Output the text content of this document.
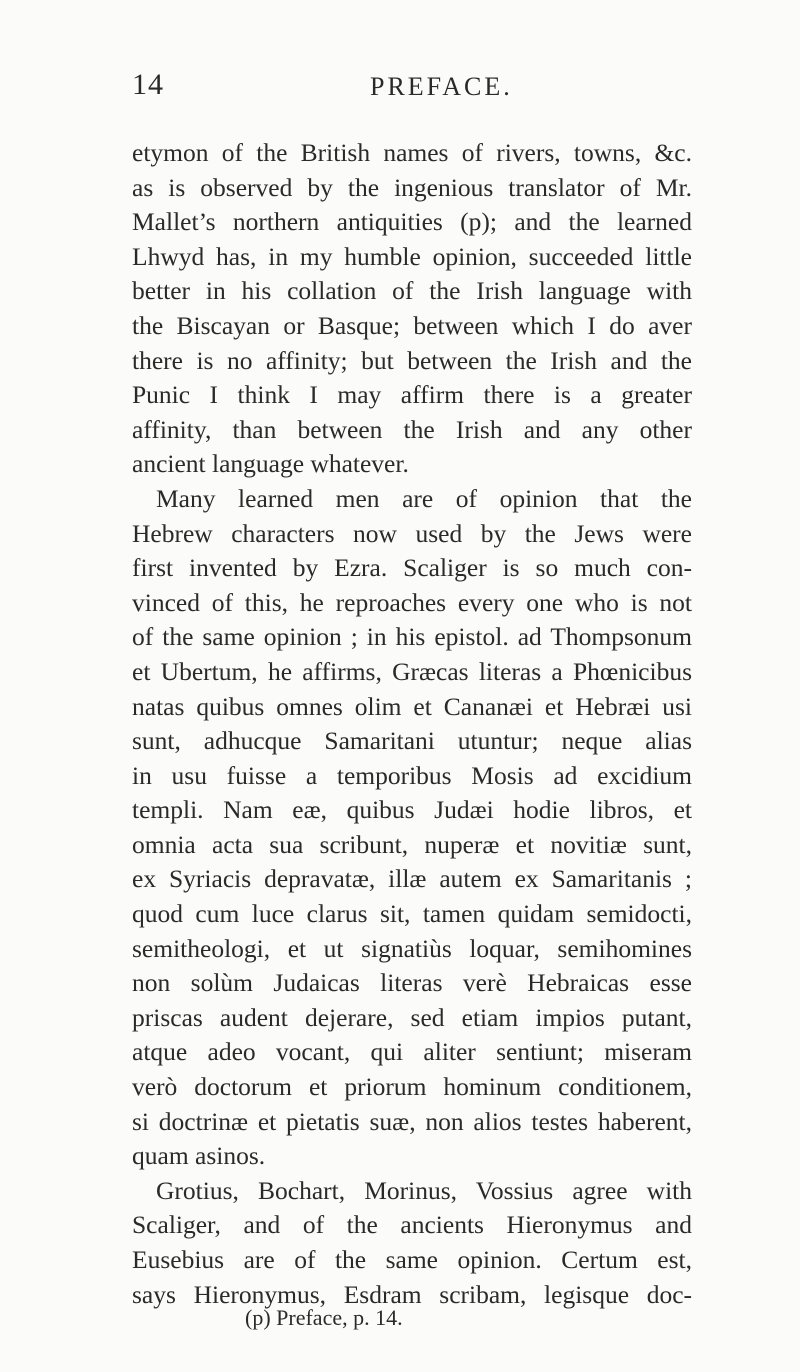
14	PREFACE.
etymon of the British names of rivers, towns, &c.
as is observed by the ingenious translator of Mr.
Mallet’s northern antiquities (p); and the learned
Lhwyd has, in my humble opinion, succeeded little
better in his collation of the Irish language with
the Biscayan or Basque; between which I do aver
there is no affinity; but between the Irish and the
Punic I think I may affirm there is a greater
affinity, than between the Irish and any other
ancient language whatever.
Many learned men are of opinion that the
Hebrew characters now used by the Jews were
first invented by Ezra. Scaliger is so much con-
vinced of this, he reproaches every one who is not
of the same opinion ; in his epistol. ad Thompsonum
et Ubertum, he affirms, Græcas literas a Phœnicibus
natas quibus omnes olim et Cananæi et Hebræi usi
sunt, adhucque Samaritani utuntur; neque alias
in usu fuisse a temporibus Mosis ad excidium
templi. Nam eæ, quibus Judæi hodie libros, et
omnia acta sua scribunt, nuperæ et novitiæ sunt,
ex Syriacis depravatæ, illæ autem ex Samaritanis ;
quod cum luce clarus sit, tamen quidam semidocti,
semitheologi, et ut signatiùs loquar, semihomines
non solùm Judaicas literas verè Hebraicas esse
priscas audent dejerare, sed etiam impios putant,
atque adeo vocant, qui aliter sentiunt; miseram
verò doctorum et priorum hominum conditionem,
si doctrinæ et pietatis suæ, non alios testes haberent,
quam asinos.
Grotius, Bochart, Morinus, Vossius agree with
Scaliger, and of the ancients Hieronymus and
Eusebius are of the same opinion. Certum est,
says Hieronymus, Esdram scribam, legisque doc-
(p) Preface, p. 14.
